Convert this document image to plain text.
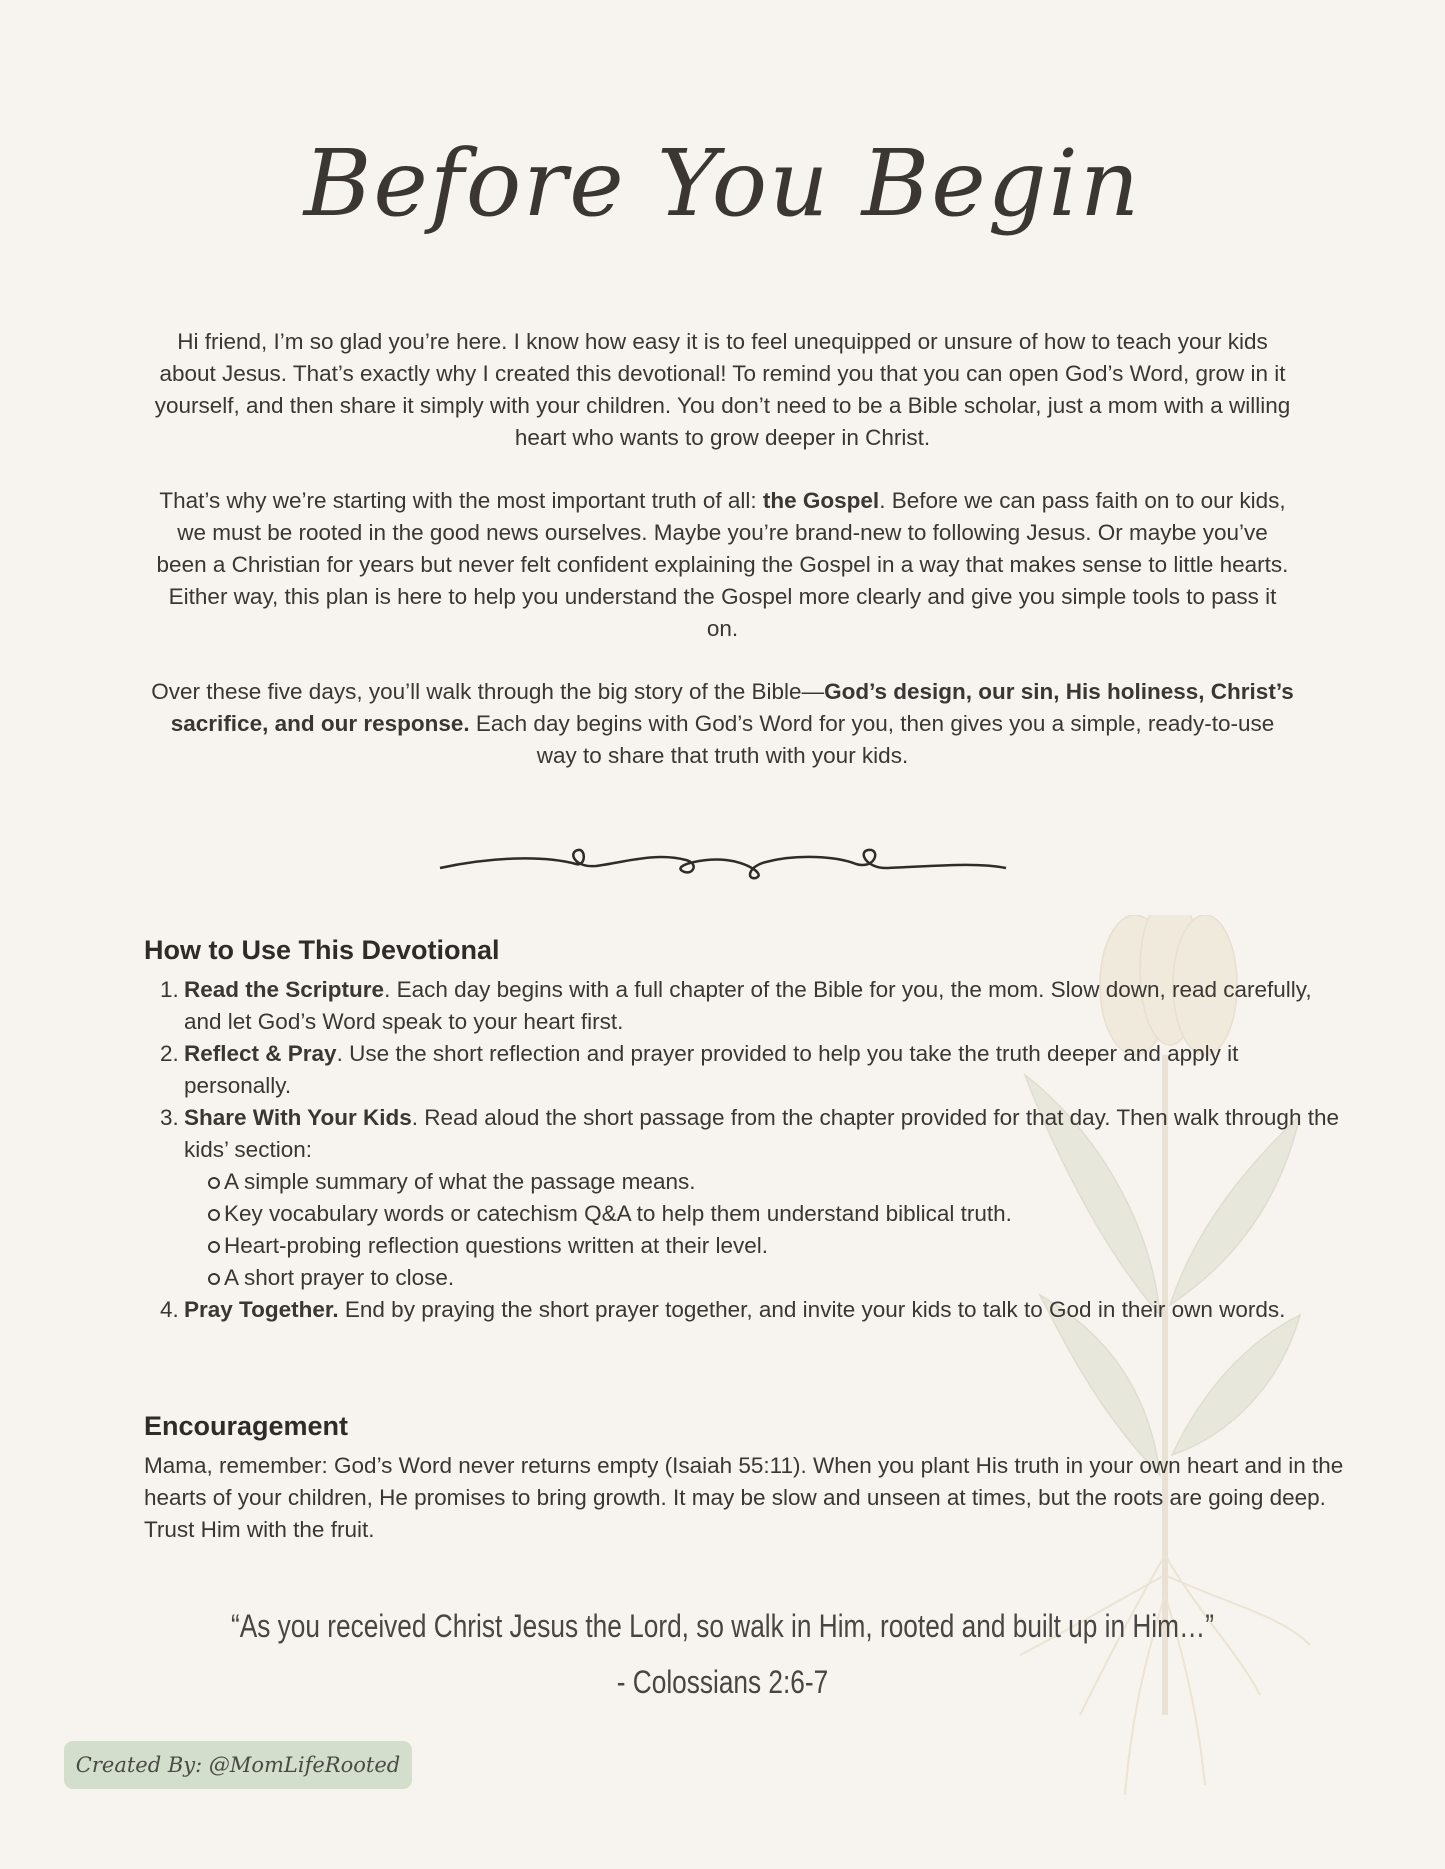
Before You Begin

Hi friend, I’m so glad you’re here. I know how easy it is to feel unequipped or unsure of how to teach your kids about Jesus. That’s exactly why I created this devotional! To remind you that you can open God’s Word, grow in it yourself, and then share it simply with your children. You don’t need to be a Bible scholar, just a mom with a willing heart who wants to grow deeper in Christ.

That’s why we’re starting with the most important truth of all: the Gospel. Before we can pass faith on to our kids, we must be rooted in the good news ourselves. Maybe you’re brand-new to following Jesus. Or maybe you’ve been a Christian for years but never felt confident explaining the Gospel in a way that makes sense to little hearts. Either way, this plan is here to help you understand the Gospel more clearly and give you simple tools to pass it on.

Over these five days, you’ll walk through the big story of the Bible—God’s design, our sin, His holiness, Christ’s sacrifice, and our response. Each day begins with God’s Word for you, then gives you a simple, ready-to-use way to share that truth with your kids.

How to Use This Devotional
1. Read the Scripture. Each day begins with a full chapter of the Bible for you, the mom. Slow down, read carefully, and let God’s Word speak to your heart first.
2. Reflect & Pray. Use the short reflection and prayer provided to help you take the truth deeper and apply it personally.
3. Share With Your Kids. Read aloud the short passage from the chapter provided for that day. Then walk through the kids’ section:
A simple summary of what the passage means.
Key vocabulary words or catechism Q&A to help them understand biblical truth.
Heart-probing reflection questions written at their level.
A short prayer to close.
4. Pray Together. End by praying the short prayer together, and invite your kids to talk to God in their own words.
Encouragement

Mama, remember: God’s Word never returns empty (Isaiah 55:11). When you plant His truth in your own heart and in the hearts of your children, He promises to bring growth. It may be slow and unseen at times, but the roots are going deep. Trust Him with the fruit.

“As you received Christ Jesus the Lord, so walk in Him, rooted and built up in Him…”
- Colossians 2:6-7
Created By: @MomLifeRooted
